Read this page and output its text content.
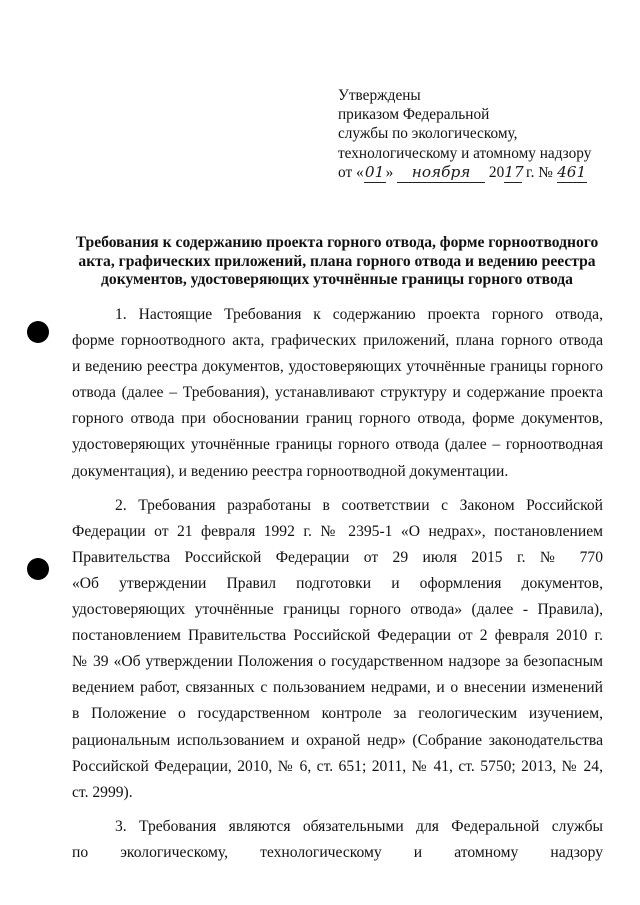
Утверждены
приказом Федеральной
службы по экологическому,
технологическому и атомному надзору
от «01» ноября 2017 г. № 461
Требования к содержанию проекта горного отвода, форме горноотводного
акта, графических приложений, плана горного отвода и ведению реестра
документов, удостоверяющих уточнённые границы горного отвода

1. Настоящие Требования к содержанию проекта горного отвода,
форме горноотводного акта, графических приложений, плана горного отвода
и ведению реестра документов, удостоверяющих уточнённые границы горного
отвода (далее – Требования), устанавливают структуру и содержание проекта
горного отвода при обосновании границ горного отвода, форме документов,
удостоверяющих уточнённые границы горного отвода (далее – горноотводная
документация), и ведению реестра горноотводной документации.

2. Требования разработаны в соответствии с Законом Российской
Федерации от 21 февраля 1992 г. № 2395-1 «О недрах», постановлением
Правительства Российской Федерации от 29 июля 2015 г. № 770
«Об утверждении Правил подготовки и оформления документов,
удостоверяющих уточнённые границы горного отвода» (далее - Правила),
постановлением Правительства Российской Федерации от 2 февраля 2010 г.
№ 39 «Об утверждении Положения о государственном надзоре за безопасным
ведением работ, связанных с пользованием недрами, и о внесении изменений
в Положение о государственном контроле за геологическим изучением,
рациональным использованием и охраной недр» (Собрание законодательства
Российской Федерации, 2010, № 6, ст. 651; 2011, № 41, ст. 5750; 2013, № 24,
ст. 2999).

3. Требования являются обязательными для Федеральной службы
по экологическому, технологическому и атомному надзору
